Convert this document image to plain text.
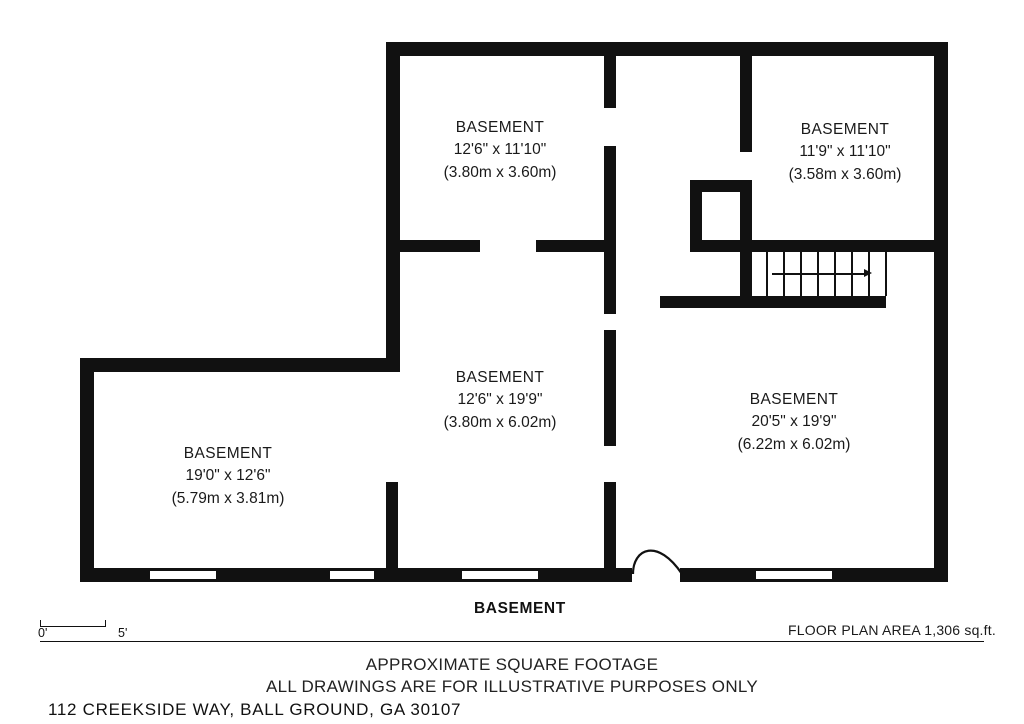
BASEMENT
12'6" x 11'10"
(3.80m x 3.60m)
BASEMENT
11'9" x 11'10"
(3.58m x 3.60m)
BASEMENT
12'6" x 19'9"
(3.80m x 6.02m)
BASEMENT
20'5" x 19'9"
(6.22m x 6.02m)
BASEMENT
19'0" x 12'6"
(5.79m x 3.81m)
BASEMENT
FLOOR PLAN AREA 1,306 sq.ft.
0'	5'
APPROXIMATE SQUARE FOOTAGE
ALL DRAWINGS ARE FOR ILLUSTRATIVE PURPOSES ONLY
112 CREEKSIDE WAY, BALL GROUND, GA 30107
